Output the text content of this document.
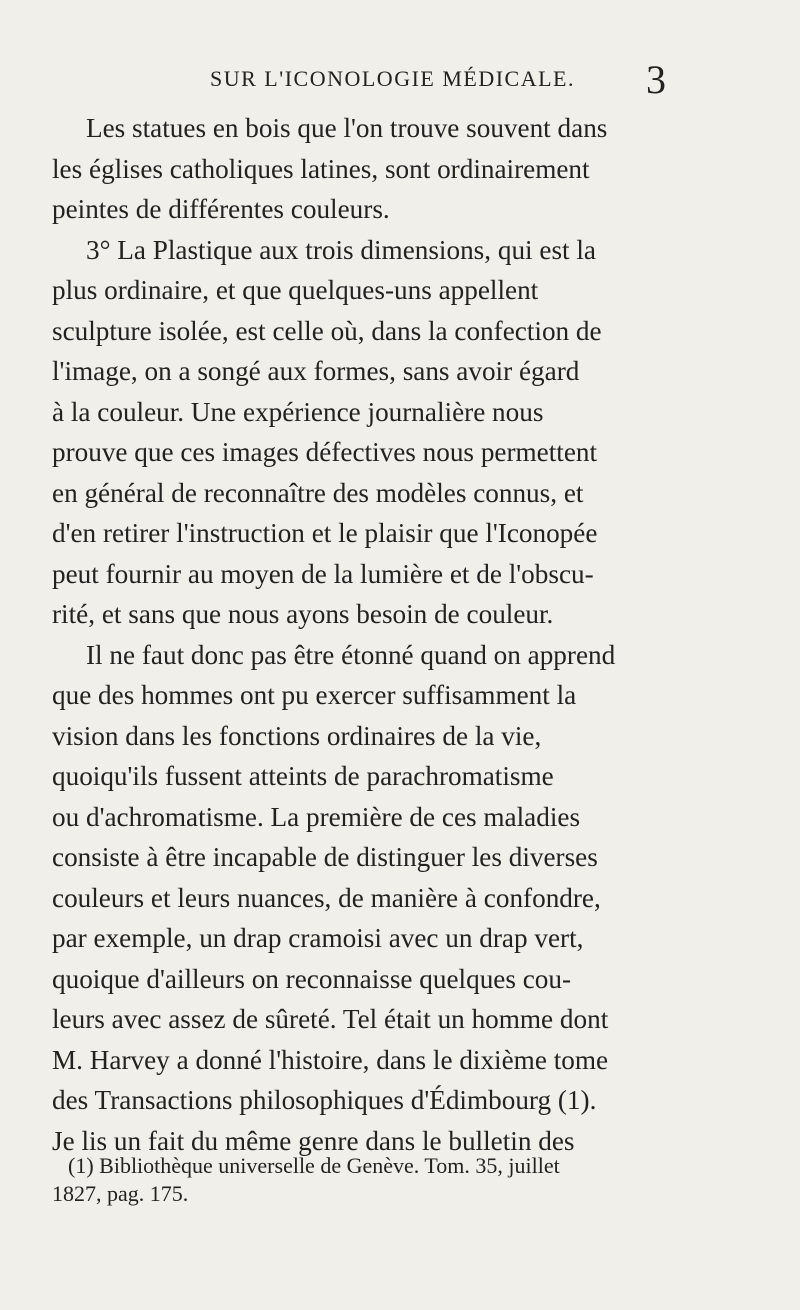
SUR L'ICONOLOGIE MÉDICALE. 3
Les statues en bois que l'on trouve souvent dans
les églises catholiques latines, sont ordinairement
peintes de différentes couleurs.
3° La Plastique aux trois dimensions, qui est la
plus ordinaire, et que quelques-uns appellent
sculpture isolée, est celle où, dans la confection de
l'image, on a songé aux formes, sans avoir égard
à la couleur. Une expérience journalière nous
prouve que ces images défectives nous permettent
en général de reconnaître des modèles connus, et
d'en retirer l'instruction et le plaisir que l'Iconopée
peut fournir au moyen de la lumière et de l'obscu-
rité, et sans que nous ayons besoin de couleur.
Il ne faut donc pas être étonné quand on apprend
que des hommes ont pu exercer suffisamment la
vision dans les fonctions ordinaires de la vie,
quoiqu'ils fussent atteints de parachromatisme
ou d'achromatisme. La première de ces maladies
consiste à être incapable de distinguer les diverses
couleurs et leurs nuances, de manière à confondre,
par exemple, un drap cramoisi avec un drap vert,
quoique d'ailleurs on reconnaisse quelques cou-
leurs avec assez de sûreté. Tel était un homme dont
M. Harvey a donné l'histoire, dans le dixième tome
des Transactions philosophiques d'Édimbourg (1).
Je lis un fait du même genre dans le bulletin des
(1) Bibliothèque universelle de Genève. Tom. 35, juillet
1827, pag. 175.
